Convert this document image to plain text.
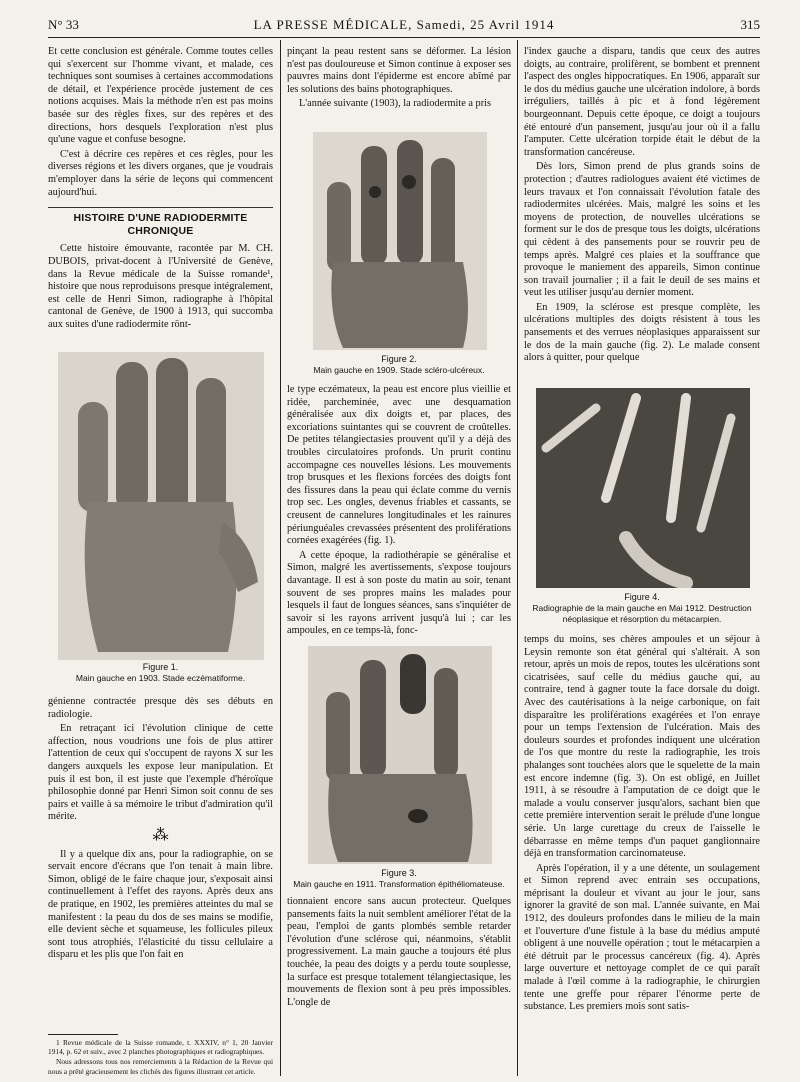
N° 33	LA PRESSE MÉDICALE, Samedi, 25 Avril 1914	315

Et cette conclusion est générale. Comme toutes celles qui s'exercent sur l'homme vivant, et malade, ces techniques sont soumises à certaines accommodations de détail, et l'expérience procède justement de ces notions acquises. Mais la méthode n'en est pas moins basée sur des règles fixes, sur des repères et des directions, hors desquels l'exploration n'est plus qu'une vague et confuse besogne.

C'est à décrire ces repères et ces règles, pour les diverses régions et les divers organes, que je voudrais m'employer dans la série de leçons qui commencent aujourd'hui.

HISTOIRE D'UNE RADIODERMITE CHRONIQUE

Cette histoire émouvante, racontée par M. CH. DUBOIS, privat-docent à l'Université de Genève, dans la Revue médicale de la Suisse romande¹, histoire que nous reproduisons presque intégralement, est celle de Henri Simon, radiographe à l'hôpital cantonal de Genève, de 1900 à 1913, qui succomba aux suites d'une radiodermite rönt-

Figure 1.
Main gauche en 1903. Stade eczématiforme.

génienne contractée presque dès ses débuts en radiologie.

En retraçant ici l'évolution clinique de cette affection, nous voudrions une fois de plus attirer l'attention de ceux qui s'occupent de rayons X sur les dangers auxquels les expose leur manipulation. Et puis il est bon, il est juste que l'exemple d'héroïque philosophie donné par Henri Simon soit connu de ses pairs et vaille à sa mémoire le tribut d'admiration qu'il mérite.

⁂

Il y a quelque dix ans, pour la radiographie, on se servait encore d'écrans que l'on tenait à main libre. Simon, obligé de le faire chaque jour, s'exposait ainsi continuellement à l'effet des rayons. Après deux ans de pratique, en 1902, les premières atteintes du mal se manifestent : la peau du dos de ses mains se modifie, elle devient sèche et squameuse, les follicules pileux sont tous atrophiés, l'élasticité du tissu cellulaire a disparu et les plis que l'on fait en

1 Revue médicale de la Suisse romande, t. XXXIV, n° 1, 20 Janvier 1914, p. 62 et suiv., avec 2 planches photographiques et radiographiques.

Nous adressons tous nos remerciements à la Rédaction de la Revue qui nous a prêté gracieusement les clichés des figures illustrant cet article.

pinçant la peau restent sans se déformer. La lésion n'est pas douloureuse et Simon continue à exposer ses pauvres mains dont l'épiderme est encore abîmé par les solutions des bains photographiques.

L'année suivante (1903), la radiodermite a pris

Figure 2.
Main gauche en 1909. Stade scléro-ulcéreux.

le type eczémateux, la peau est encore plus vieillie et ridée, parcheminée, avec une desquamation généralisée aux dix doigts et, par places, des excoriations suintantes qui se couvrent de croûtelles. De petites télangiectasies prouvent qu'il y a déjà des troubles circulatoires profonds. Un prurit continu accompagne ces nouvelles lésions. Les mouvements trop brusques et les flexions forcées des doigts font des fissures dans la peau qui éclate comme du vernis trop sec. Les ongles, devenus friables et cassants, se creusent de cannelures longitudinales et les rainures périunguéales crevassées présentent des proliférations cornées exagérées (fig. 1).

A cette époque, la radiothérapie se généralise et Simon, malgré les avertissements, s'expose toujours davantage. Il est à son poste du matin au soir, tenant souvent de ses propres mains les malades pour lesquels il faut de longues séances, sans s'inquiéter de savoir si les rayons arrivent jusqu'à lui ; car les ampoules, en ce temps-là, fonc-

Figure 3.
Main gauche en 1911. Transformation épithéliomateuse.

tionnaient encore sans aucun protecteur. Quelques pansements faits la nuit semblent améliorer l'état de la peau, l'emploi de gants plombés semble retarder l'évolution d'une sclérose qui, néanmoins, s'établit progressivement. La main gauche a toujours été plus touchée, la peau des doigts y a perdu toute souplesse, la surface est presque totalement télangiectasique, les mouvements de flexion sont à peu près impossibles. L'ongle de

l'index gauche a disparu, tandis que ceux des autres doigts, au contraire, prolifèrent, se bombent et prennent l'aspect des ongles hippocratiques. En 1906, apparaît sur le dos du médius gauche une ulcération indolore, à bords irréguliers, taillés à pic et à fond légèrement bourgeonnant. Depuis cette époque, ce doigt a toujours été entouré d'un pansement, jusqu'au jour où il a fallu l'amputer. Cette ulcération torpide était le début de la transformation cancéreuse.

Dès lors, Simon prend de plus grands soins de protection ; d'autres radiologues avaient été victimes de leurs travaux et l'on connaissait l'évolution fatale des radiodermites ulcérées. Mais, malgré les soins et les moyens de protection, de nouvelles ulcérations se forment sur le dos de presque tous les doigts, ulcérations qui cèdent à des pansements pour se rouvrir peu de temps après. Malgré ces plaies et la souffrance que provoque le maniement des appareils, Simon continue son travail journalier ; il a fait le deuil de ses mains et veut les utiliser jusqu'au dernier moment.

En 1909, la sclérose est presque complète, les ulcérations multiples des doigts résistent à tous les pansements et des verrues néoplasiques apparaissent sur le dos de la main gauche (fig. 2). Le malade consent alors à quitter, pour quelque

Figure 4.
Radiographie de la main gauche en Mai 1912. Destruction néoplasique et résorption du métacarpien.

temps du moins, ses chères ampoules et un séjour à Leysin remonte son état général qui s'altérait. A son retour, après un mois de repos, toutes les ulcérations sont cicatrisées, sauf celle du médius gauche qui, au contraire, tend à gagner toute la face dorsale du doigt. Avec des cautérisations à la neige carbonique, on fait disparaître les proliférations exagérées et l'on enraye pour un temps l'extension de l'ulcération. Mais des douleurs sourdes et profondes indiquent une ulcération de l'os que montre du reste la radiographie, les trois phalanges sont touchées alors que le squelette de la main est encore indemne (fig. 3). On est obligé, en Juillet 1911, à se résoudre à l'amputation de ce doigt que le malade a voulu conserver jusqu'alors, sachant bien que cette première intervention serait le prélude d'une longue série. Un large curettage du creux de l'aisselle le débarrasse en même temps d'un paquet ganglionnaire déjà en transformation carcinomateuse.

Après l'opération, il y a une détente, un soulagement et Simon reprend avec entrain ses occupations, méprisant la douleur et vivant au jour le jour, sans ignorer la gravité de son mal. L'année suivante, en Mai 1912, des douleurs profondes dans le milieu de la main et l'ouverture d'une fistule à la base du médius amputé obligent à une nouvelle opération ; tout le métacarpien a été détruit par le processus cancéreux (fig. 4). Après large ouverture et nettoyage complet de ce qui paraît malade à l'œil comme à la radiographie, le chirurgien tente une greffe pour réparer l'énorme perte de substance. Les premiers mois sont satis-
